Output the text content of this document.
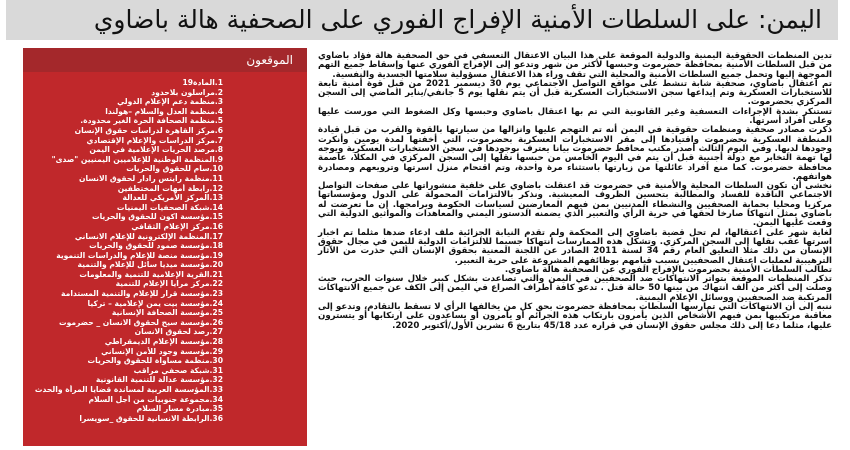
اليمن: على السلطات الأمنية الإفراج الفوري على الصحفية هالة باضاوي
الموقعون
1.المادة19
2.مراسلون بلاحدود
3.منظمة دعم الإعلام الدولي
4.منظمة العدل والسلام –هولندا
5.منظمة الصحافة الحرة الغير محدودة.
6.مركز القاهرة لدراسات حقوق الإنسان
7.مركز الدراسات والإعلام الإقتصادي
8.مرصد الحريات الإعلامية في اليمن
9.المنظمة الوطنية للإعلاميين اليمنيين "صدى"
10.سام للحقوق والحريات
11.منظمة رايتس رادار لحقوق الانسان
12.رابطة أمهات المختطفين
13.المركز الأمريكي للعدالة
14.شبكة الصحفيات اليمنيات
15.مؤسسة اكون للحقوق والحريات
16.مركز الإعلام الثقافي
17.المنظمة الإلكترونية للإعلام الانساني
18.مؤسسة صمود للحقوق والحريات
19.مؤسسة منصة للإعلام والدراسات التنموية
20.مؤسسة ميديا سائل للإعلام والتنمية
21.القرية الإعلامية للتنمية والمعلومات
22.مركز مرايا الإعلام للتنمية
23.مؤسسة قرار للإعلام والتنمية المستدامة
24.مؤسسة بيت يمن لإعلامية – تركيا
25.مؤسسة الصحافة الإنسانية
26.مؤسسة سيح لحقوق الانسان _ حضرموت
27.رصد لحقوق الانسان
28.مؤسسة الإعلام الديمقراطي
29.مؤسسة وجود للأمن الإنساني
30.منظمة مساواة للحقوق والحريات
31.شبكة صحفي مراقب
32.مؤسسة عدالة للتنمية القانونية
33.المؤسسة العربية لمساندة قضايا المرأة والحدث
34.مجموعة جنوبيات من أجل السلام
35.مبادرة مسار السلام
36.الرابطة الانسانية للحقوق _سويسرا

تدين المنظمات الحقوقية اليمنية والدولية الموقعة على هذا البيان الاعتقال التعسفي في حق الصحفية هالة فؤاد باضاوي من قبل السلطات الأمنية بمحافظة حضرموت وحبسها لأكثر من شهر وتدعو إلى الإفراج الفوري عنها وإسقاط جميع التهم الموجهة إليها وتحمل جميع السلطات الأمنية والمحلية التي تقف وراء هذا الاعتقال مسؤولية سلامتها الجسدية والنفسية.

تم اعتقال باضاوي، صحفية شابة تنشط على مواقع التواصل الاجتماعي يوم 30 ديسمبر 2021 من قبل قوة أمنية تابعة للاستخبارات العسكرية وتم إيداعها سجن الاستخبارات العسكرية قبل أن يتم نقلها يوم 5 جانفي/يناير الماضي إلى السجن المركزي بحضرموت.

تستنكر بشدة الإجراءات التعسفية وغير القانونية التي تم بها اعتقال باضاوي وحبسها وكل الضغوط التي مورست عليها وعلى أفراد أسرتها.

ذكرت مصادر صحفية ومنظمات حقوقية في اليمن أنه تم التهجم عليها وانزالها من سيارتها بالقوة والقرب من قبل قيادة المنطقة العسكرية بحضرموت واقتيادها إلى مقر الاستخبارات العسكرية بحضرموت، التي أخفتها لمدة يومين وأنكرت وجودها لديها. وفي اليوم الثالث أصدر مكتب محافظ حضرموت بيانا يعترف بوجودها في سجن الاستخبارات العسكرية ويوجه لها تهمة التخابر مع دولة أجنبية قبل أن يتم في اليوم الخامس من حبسها نقلها إلى السجن المركزي في المكلا، عاصمة محافظة حضرموت. كما منع أفراد عائلتها من زيارتها باستثناء مرة واحدة، وتم اقتحام منزل اسرتها وترويعهم ومصادرة هواتفهم.

نخشى أن تكون السلطات المحلية والأمنية في حضرموت قد اعتقلت باضاوي على خلفية منشوراتها على صفحات التواصل الاجتماعي الناقدة للفساد والمطالبة بتحسين الظروف المعيشية. ونذكر بالالتزامات المحمولة على الدول ومؤسساتها مركزيا ومحليا بحماية الصحفيين والنشطاء المدنيين بمن فيهم المعارضين لسياسات الحكومة وبرامجها. إن ما تعرضت له باضاوي يمثل انتهاكا صارخا لحقها في حرية الرأي والتعبير الذي يضمنه الدستور اليمني والمعاهدات والمواثيق الدولية التي وقعت عليها اليمن.

لغاية شهر على اعتقالها، لم تحل قضية باضاوي إلى المحكمة ولم تقدم النيابة الجزائية ملف ادعاء ضدها مثلما تم اخبار اسرتها عقب نقلها إلى السجن المركزي. وتشكل هذه الممارسات انتهاكا جسيما للالتزامات الدولية لليمن في مجال حقوق الإنسان من ذلك مثلا التعليق العام رقم 34 لسنة 2011 الصادر عن اللجنة المعنية بحقوق الإنسان التي حذرت من الآثار الترهيبية لعمليات اعتقال الصحفيين بسبب قيامهم بوظائفهم المشروعة على حرية التعبير.

تطالب السلطات الأمنية بحضرموت بالإفراج الفوري عن الصحفية هالة باضاوي.

تذكر المنظمات الموقعة بتواتر الانتهاكات ضد الصحفيين في اليمن والتي تصاعدت بشكل كبير خلال سنوات الحرب، حيث وصلت إلى أكثر من ألف انتهاك من بينها 50 حالة قتل . تدعو كافة أطراف الصراع في اليمن إلى الكف عن جميع الانتهاكات المرتكبة ضد الصحفيين ووسائل الإعلام اليمنية.

ننبه إلى أن الانتهاكات التي تمارسها السلطات بمحافظة حضرموت بحق كل من يخالفها الرأي لا تسقط بالتقادم، وتدعو إلى معاقبة مرتكبيها بمن فيهم الأشخاص الذين يأمرون بارتكاب هذه الجرائم أو يأمرون أو يساعدون على ارتكابها أو يتسترون عليها، مثلما دعا إلى ذلك مجلس حقوق الإنسان في قراره عدد 45/18 بتاريخ 6 تشرين الأول/أكتوبر 2020.
